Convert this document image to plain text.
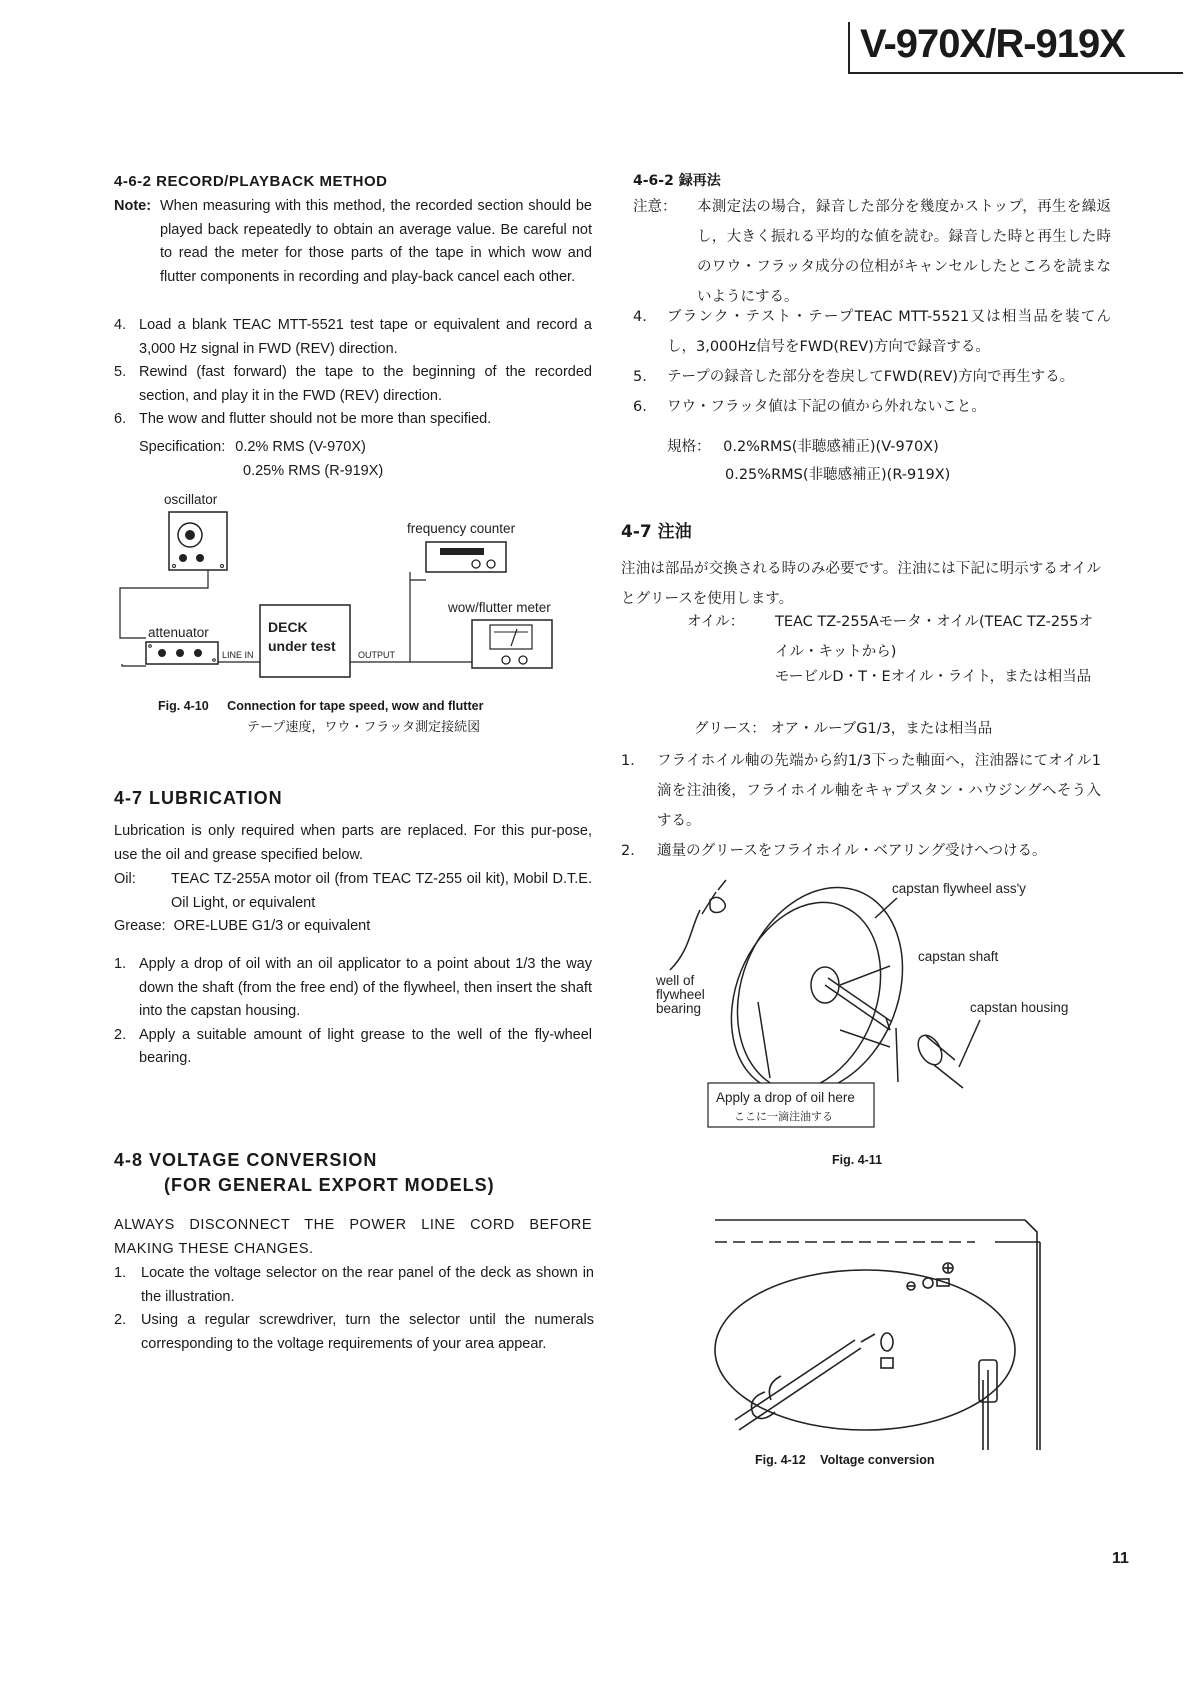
V-970X/R-919X
4-6-2 RECORD/PLAYBACK METHOD
Note: When measuring with this method, the recorded section should be played back repeatedly to obtain an average value. Be careful not to read the meter for those parts of the tape in which wow and flutter components in recording and play-back cancel each other.
4. Load a blank TEAC MTT-5521 test tape or equivalent and record a 3,000 Hz signal in FWD (REV) direction.
5. Rewind (fast forward) the tape to the beginning of the recorded section, and play it in the FWD (REV) direction.
6. The wow and flutter should not be more than specified.
Specification: 0.2% RMS (V-970X)
0.25% RMS (R-919X)
oscillator
frequency counter
wow/flutter meter
attenuator	DECK
under test
LINE IN	OUTPUT
Fig. 4-10 Connection for tape speed, wow and flutter
テープ速度，ワウ・フラッタ測定接続図
4-7 LUBRICATION
Lubrication is only required when parts are replaced. For this pur-pose, use the oil and grease specified below.
Oil:	TEAC TZ-255A motor oil (from TEAC TZ-255 oil kit), Mobil D.T.E. Oil Light, or equivalent
Grease: ORE-LUBE G1/3 or equivalent
1. Apply a drop of oil with an oil applicator to a point about 1/3 the way down the shaft (from the free end) of the flywheel, then insert the shaft into the capstan housing.
2. Apply a suitable amount of light grease to the well of the fly-wheel bearing.
4-8 VOLTAGE CONVERSION
(FOR GENERAL EXPORT MODELS)
ALWAYS DISCONNECT THE POWER LINE CORD BEFORE MAKING THESE CHANGES.
1.	Locate the voltage selector on the rear panel of the deck as shown in the illustration.
2.	Using a regular screwdriver, turn the selector until the numerals corresponding to the voltage requirements of your area appear.
4-6-2 録再法
注意：	本測定法の場合，録音した部分を幾度かストップ，再生を繰返し，大きく振れる平均的な値を読む。録音した時と再生した時のワウ・フラッタ成分の位相がキャンセルしたところを読まないようにする。
4.	ブランク・テスト・テープTEAC MTT-5521又は相当品を装てんし，3,000Hz信号をFWD(REV)方向で録音する。
5.	テープの録音した部分を巻戻してFWD(REV)方向で再生する。
6.	ワウ・フラッタ値は下記の値から外れないこと。
規格： 0.2%RMS(非聴感補正)(V-970X)
0.25%RMS(非聴感補正)(R-919X)
4-7 注油
注油は部品が交換される時のみ必要です。注油には下記に明示するオイルとグリースを使用します。
オイル： TEAC TZ-255Aモータ・オイル(TEAC TZ-255オイル・キットから)
モービルD・T・Eオイル・ライト，または相当品
グリース： オア・ルーブG1/3，または相当品
1． フライホイル軸の先端から約1/3下った軸面へ，注油器にてオイル1滴を注油後，フライホイル軸をキャプスタン・ハウジングへそう入する。
2． 適量のグリースをフライホイル・ベアリング受けへつける。
capstan flywheel ass'y
capstan shaft
capstan housing
well of
flywheel
bearing
Apply a drop of oil here
ここに一滴注油する
Fig. 4-11
Fig. 4-12 Voltage conversion
11
